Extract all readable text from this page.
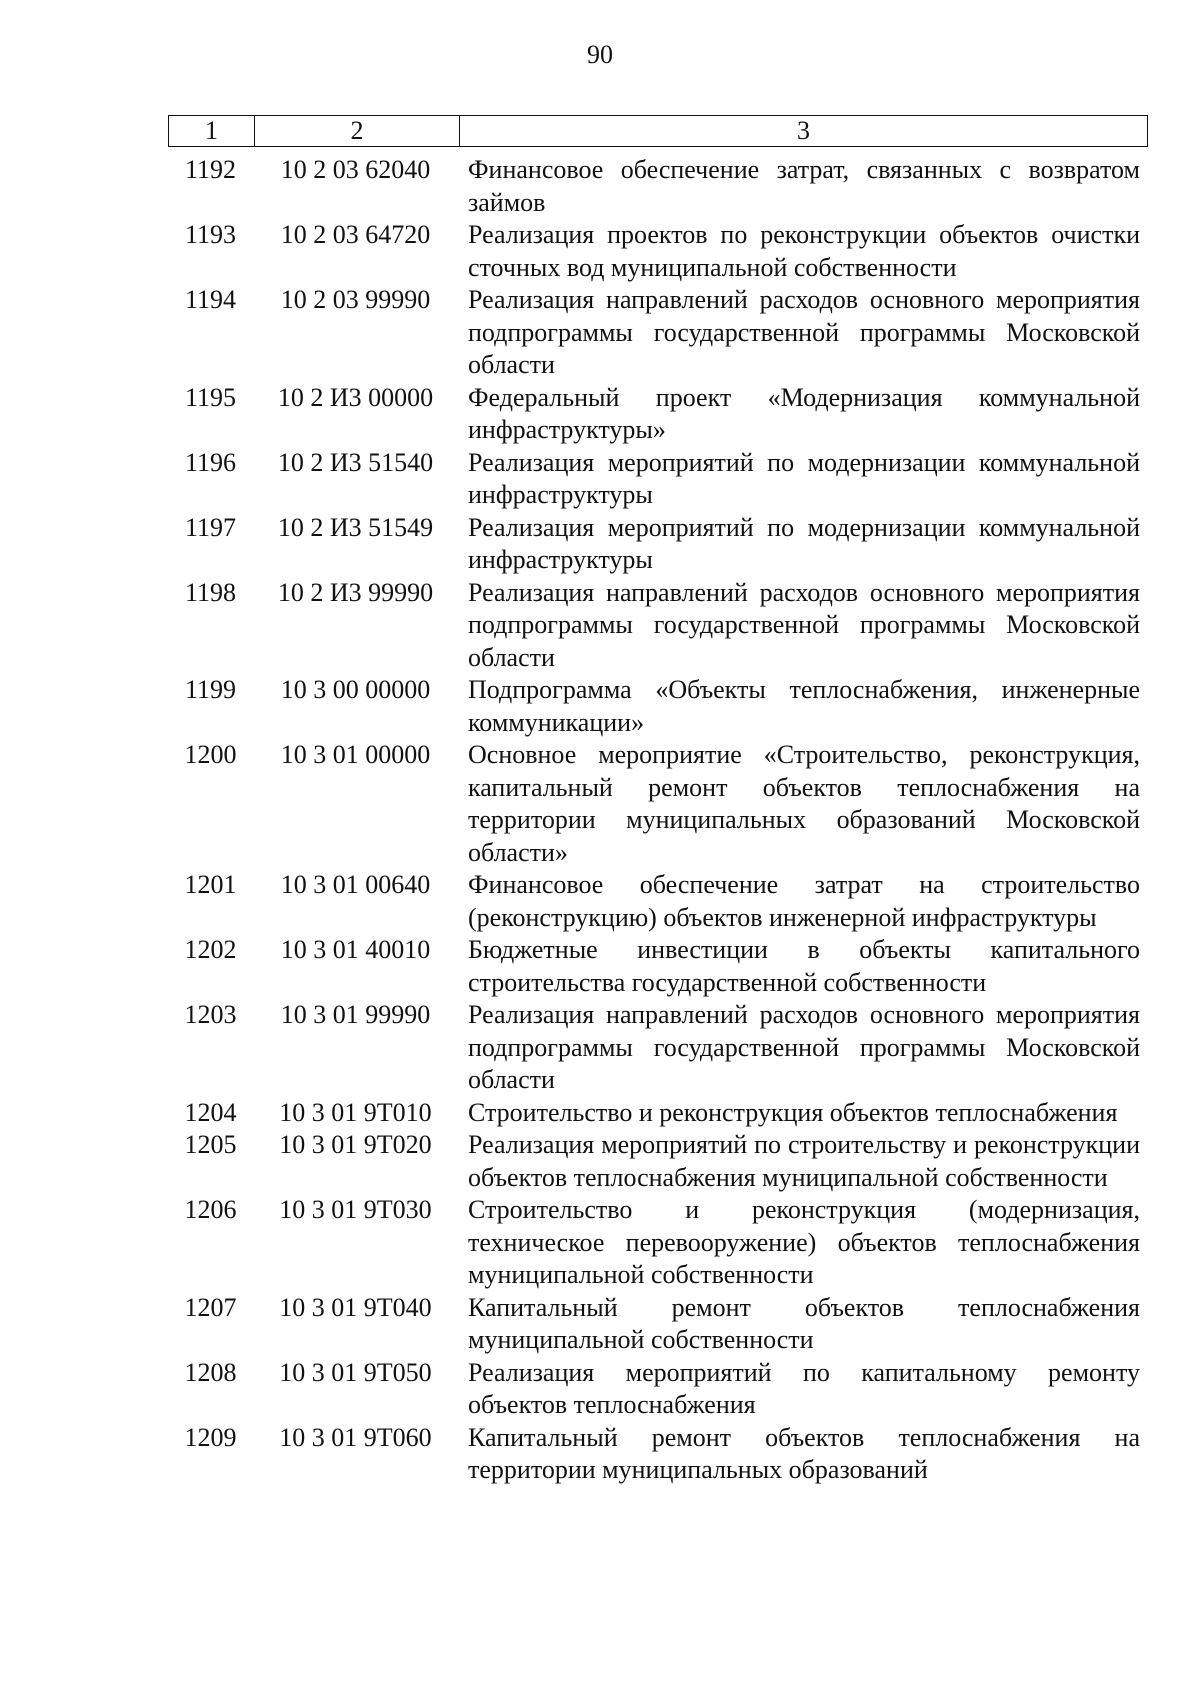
90
1	2	3
1192	10 2 03 62040	Финансовое обеспечение затрат, связанных с возвратом займов
1193	10 2 03 64720	Реализация проектов по реконструкции объектов очистки сточных вод муниципальной собственности
1194	10 2 03 99990	Реализация направлений расходов основного мероприятия подпрограммы государственной программы Московской области
1195	10 2 И3 00000	Федеральный проект «Модернизация коммунальной инфраструктуры»
1196	10 2 И3 51540	Реализация мероприятий по модернизации коммунальной инфраструктуры
1197	10 2 И3 51549	Реализация мероприятий по модернизации коммунальной инфраструктуры
1198	10 2 И3 99990	Реализация направлений расходов основного мероприятия подпрограммы государственной программы Московской области
1199	10 3 00 00000	Подпрограмма «Объекты теплоснабжения, инженерные коммуникации»
1200	10 3 01 00000	Основное мероприятие «Строительство, реконструкция, капитальный ремонт объектов теплоснабжения на территории муниципальных образований Московской области»
1201	10 3 01 00640	Финансовое обеспечение затрат на строительство (реконструкцию) объектов инженерной инфраструктуры
1202	10 3 01 40010	Бюджетные инвестиции в объекты капитального строительства государственной собственности
1203	10 3 01 99990	Реализация направлений расходов основного мероприятия подпрограммы государственной программы Московской области
1204	10 3 01 9Т010	Строительство и реконструкция объектов теплоснабжения
1205	10 3 01 9Т020	Реализация мероприятий по строительству и реконструкции объектов теплоснабжения муниципальной собственности
1206	10 3 01 9Т030	Строительство и реконструкция (модернизация, техническое перевооружение) объектов теплоснабжения муниципальной собственности
1207	10 3 01 9Т040	Капитальный ремонт объектов теплоснабжения муниципальной собственности
1208	10 3 01 9Т050	Реализация мероприятий по капитальному ремонту объектов теплоснабжения
1209	10 3 01 9Т060	Капитальный ремонт объектов теплоснабжения на территории муниципальных образований
